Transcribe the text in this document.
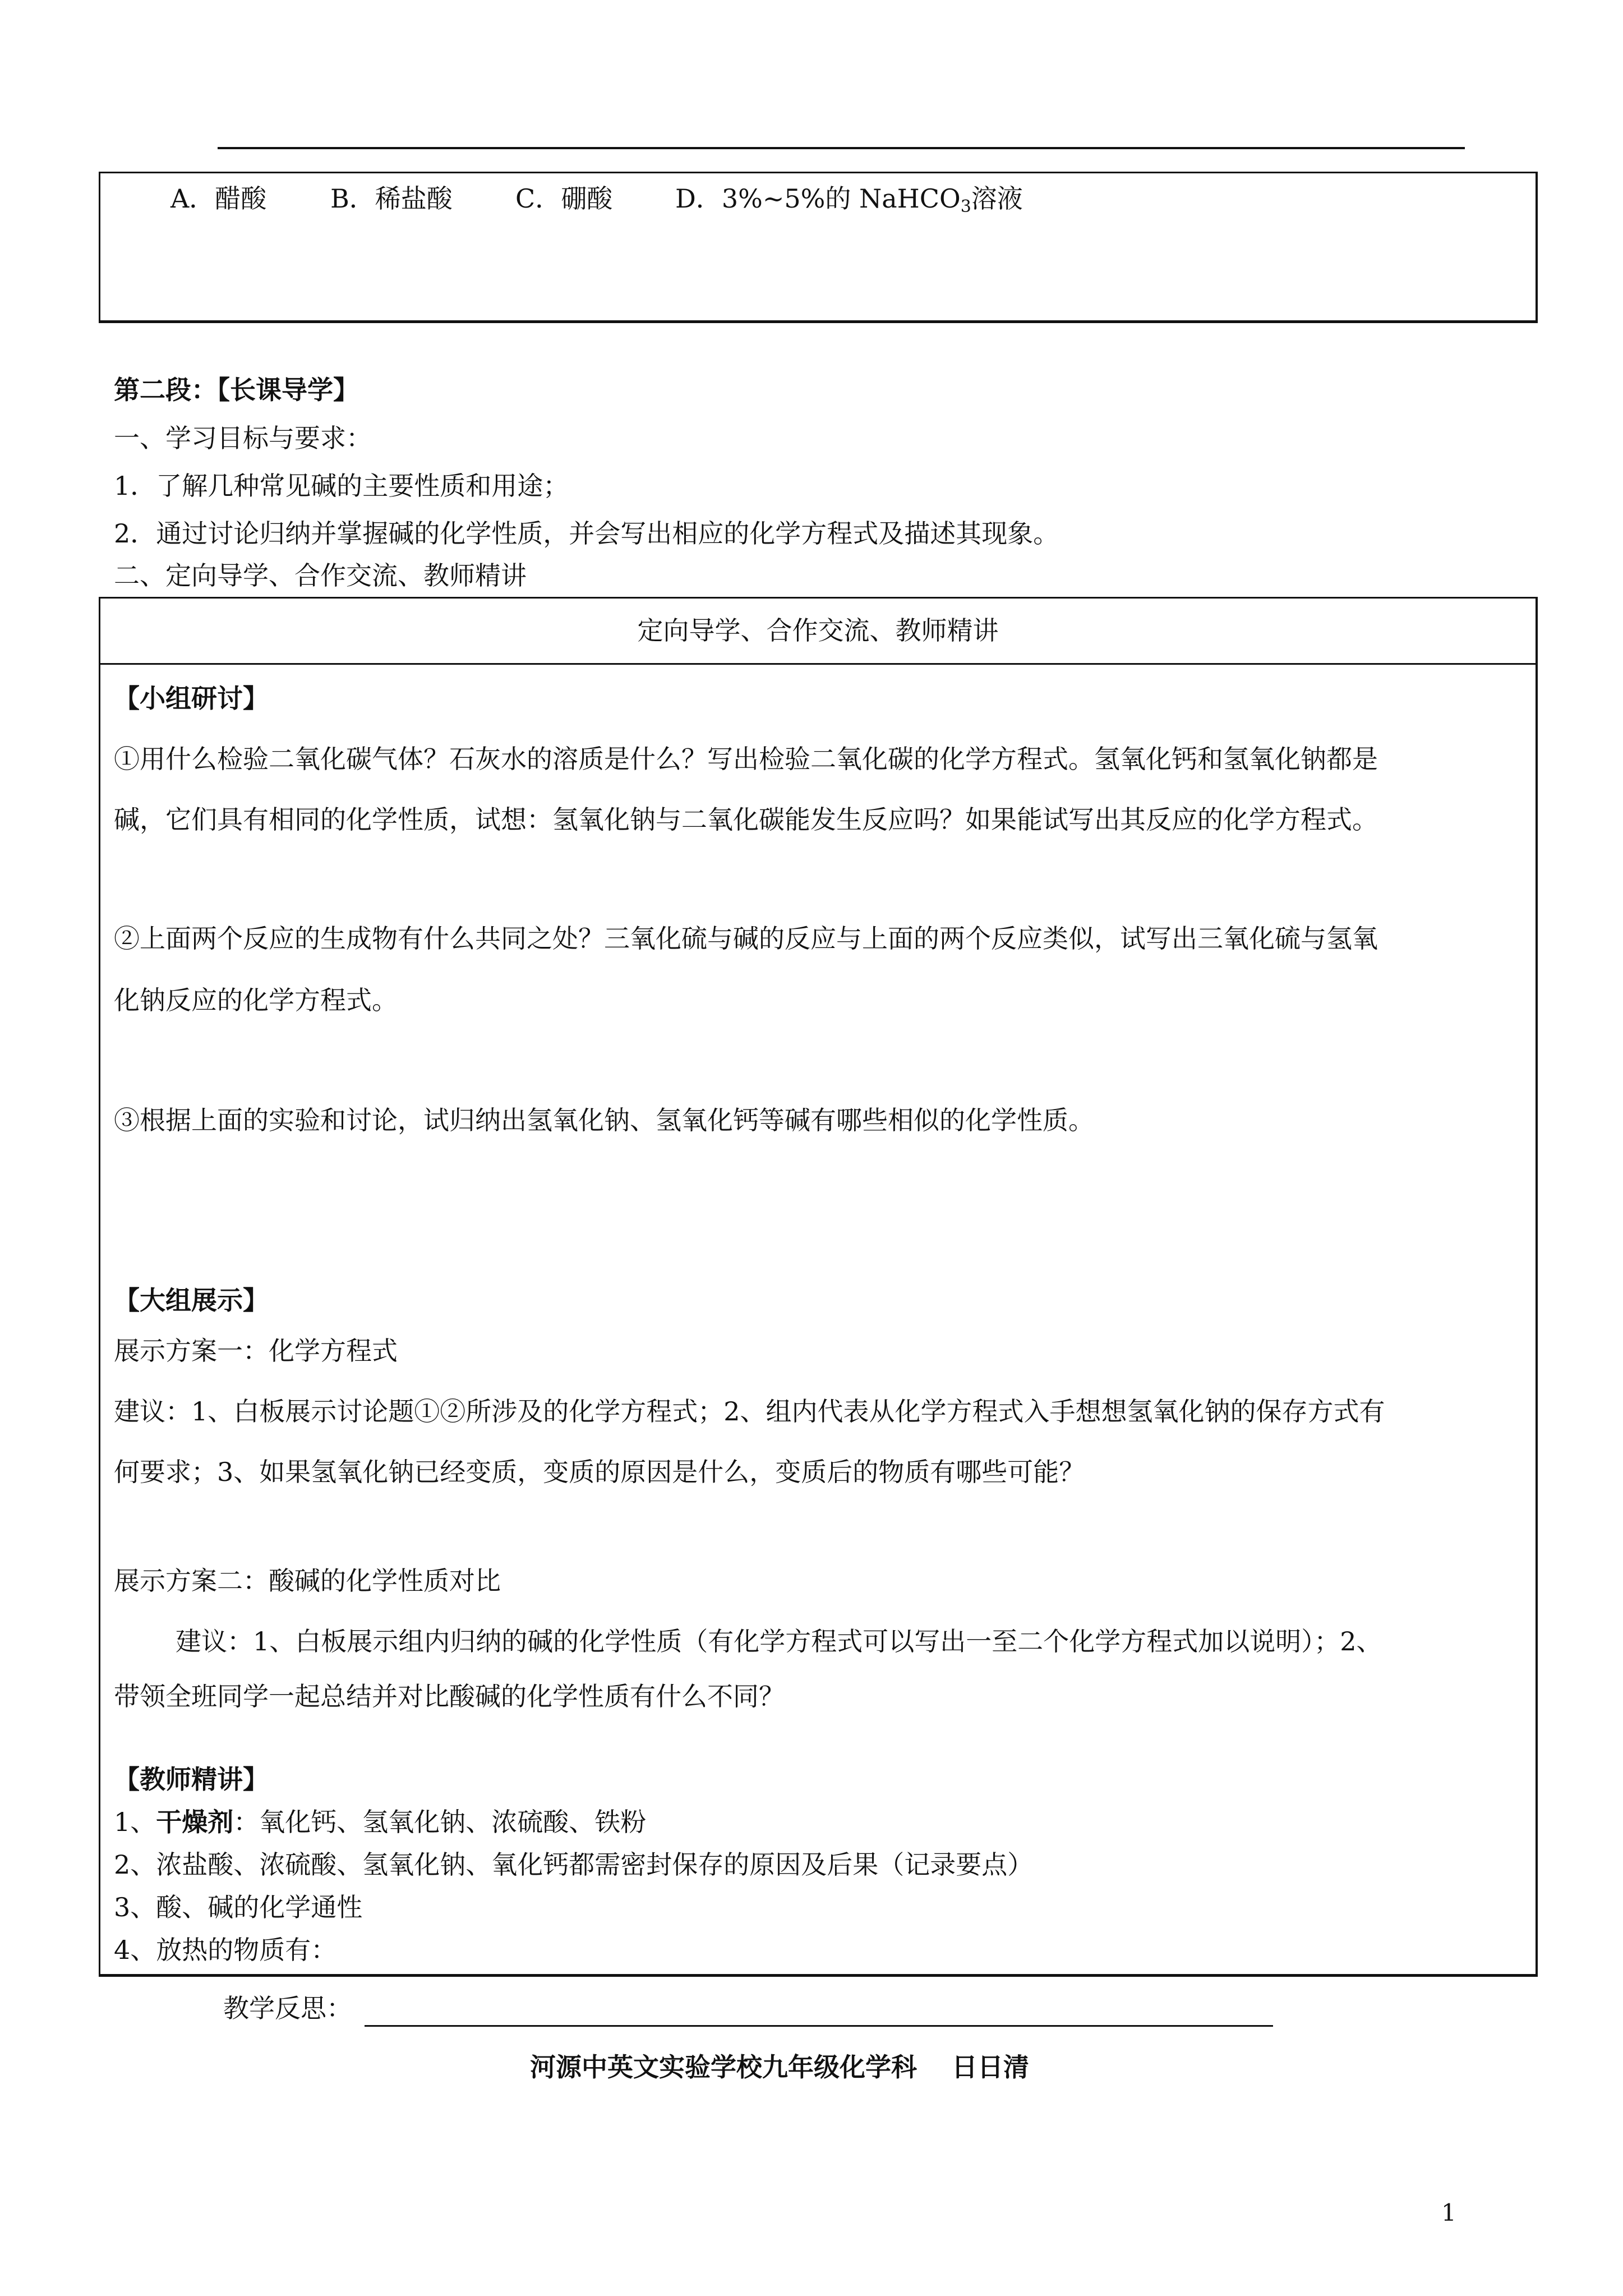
A．醋酸 B．稀盐酸 C．硼酸 D．3%~5%的 NaHCO$_3$溶液
第二段：【长课导学】
一、学习目标与要求：
1．了解几种常见碱的主要性质和用途；
2．通过讨论归纳并掌握碱的化学性质，并会写出相应的化学方程式及描述其现象。
二、定向导学、合作交流、教师精讲
定向导学、合作交流、教师精讲
【小组研讨】
①用什么检验二氧化碳气体？石灰水的溶质是什么？写出检验二氧化碳的化学方程式。氢氧化钙和氢氧化钠都是
碱，它们具有相同的化学性质，试想：氢氧化钠与二氧化碳能发生反应吗？如果能试写出其反应的化学方程式。
②上面两个反应的生成物有什么共同之处？三氧化硫与碱的反应与上面的两个反应类似，试写出三氧化硫与氢氧
化钠反应的化学方程式。
③根据上面的实验和讨论，试归纳出氢氧化钠、氢氧化钙等碱有哪些相似的化学性质。
【大组展示】
展示方案一：化学方程式
建议：1、白板展示讨论题①②所涉及的化学方程式；2、组内代表从化学方程式入手想想氢氧化钠的保存方式有
何要求；3、如果氢氧化钠已经变质，变质的原因是什么，变质后的物质有哪些可能？
展示方案二：酸碱的化学性质对比
建议：1、白板展示组内归纳的碱的化学性质（有化学方程式可以写出一至二个化学方程式加以说明）；2、
带领全班同学一起总结并对比酸碱的化学性质有什么不同？
【教师精讲】
1、干燥剂：氧化钙、氢氧化钠、浓硫酸、铁粉
2、浓盐酸、浓硫酸、氢氧化钠、氧化钙都需密封保存的原因及后果（记录要点）
3、酸、碱的化学通性
4、放热的物质有：
教学反思：
河源中英文实验学校九年级化学科　 日日清
1
